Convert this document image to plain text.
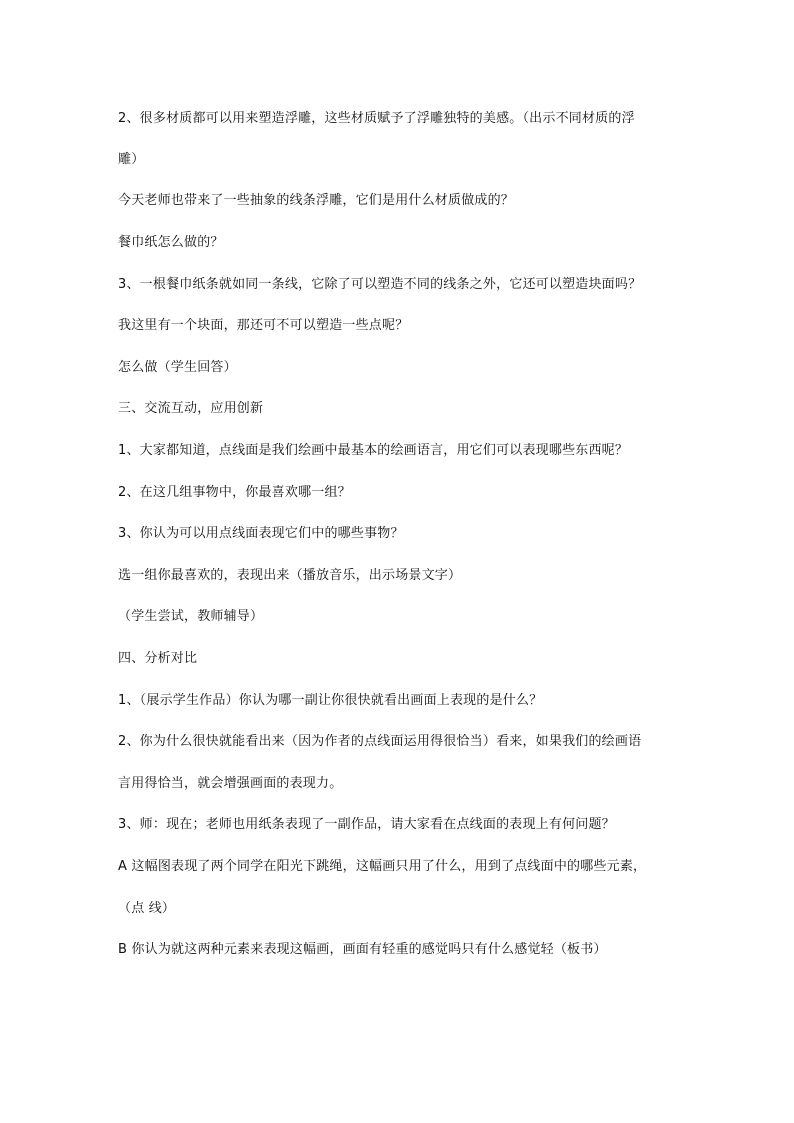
2、很多材质都可以用来塑造浮雕，这些材质赋予了浮雕独特的美感。（出示不同材质的浮
雕）
今天老师也带来了一些抽象的线条浮雕，它们是用什么材质做成的？
餐巾纸怎么做的？
3、一根餐巾纸条就如同一条线，它除了可以塑造不同的线条之外，它还可以塑造块面吗？
我这里有一个块面，那还可不可以塑造一些点呢？
怎么做（学生回答）
三、交流互动，应用创新
1、大家都知道，点线面是我们绘画中最基本的绘画语言，用它们可以表现哪些东西呢？
2、在这几组事物中，你最喜欢哪一组？
3、你认为可以用点线面表现它们中的哪些事物？
选一组你最喜欢的，表现出来（播放音乐，出示场景文字）
（学生尝试，教师辅导）
四、分析对比
1、（展示学生作品）你认为哪一副让你很快就看出画面上表现的是什么？
2、你为什么很快就能看出来（因为作者的点线面运用得很恰当）看来，如果我们的绘画语
言用得恰当，就会增强画面的表现力。
3、师：现在；老师也用纸条表现了一副作品，请大家看在点线面的表现上有何问题？
A 这幅图表现了两个同学在阳光下跳绳，这幅画只用了什么，用到了点线面中的哪些元素，
（点 线）
B 你认为就这两种元素来表现这幅画，画面有轻重的感觉吗只有什么感觉轻（板书）
